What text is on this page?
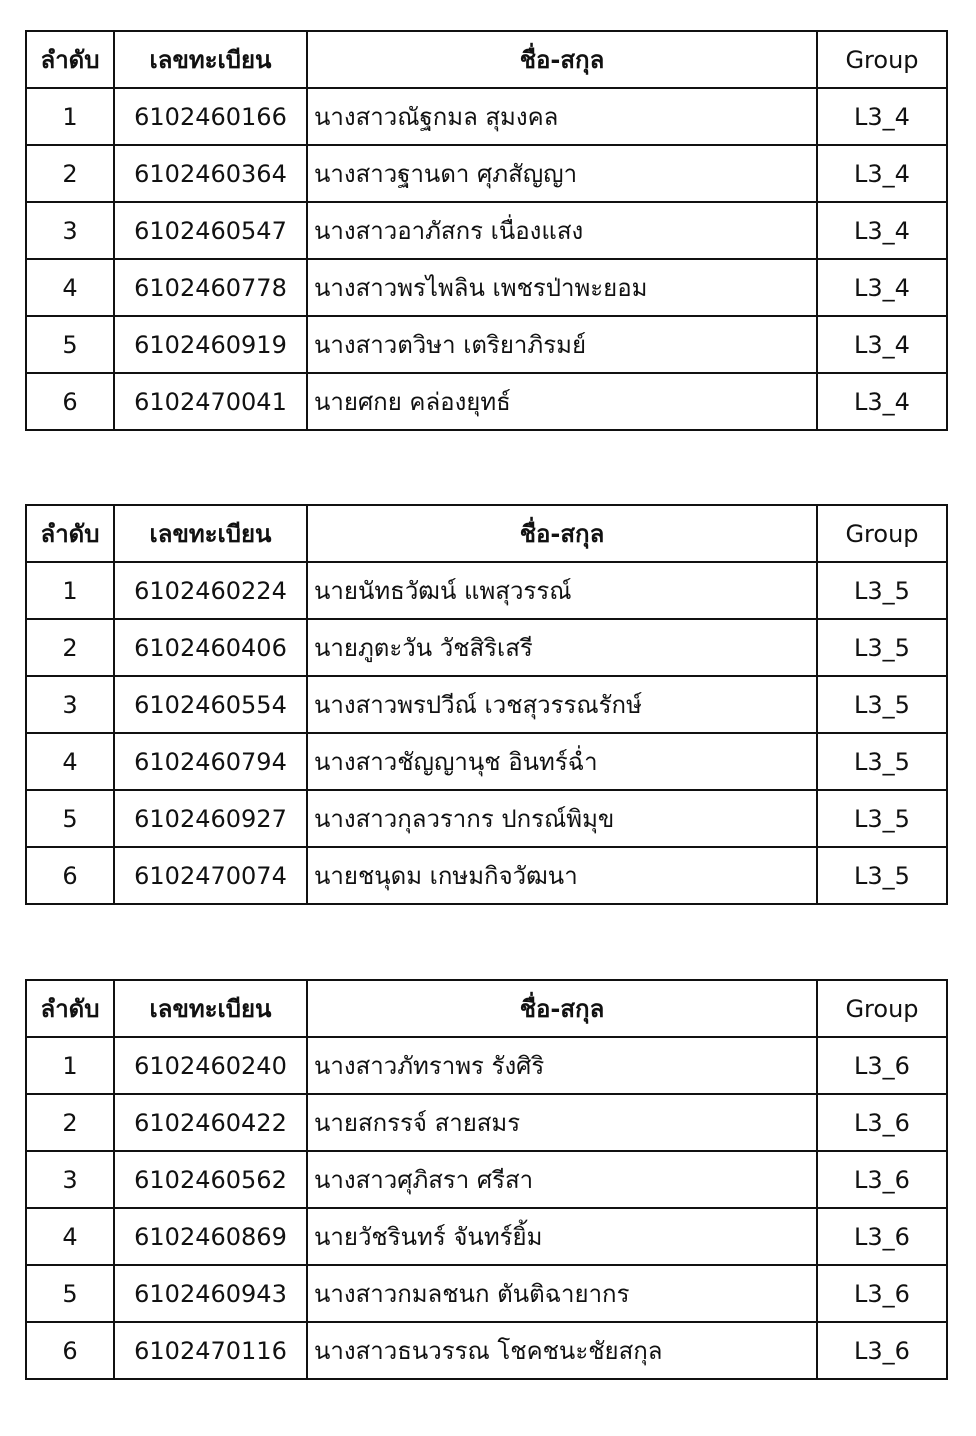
ลำดับ	เลขทะเบียน	ชื่อ-สกุล	Group
1	6102460166	นางสาวณัฐกมล สุมงคล	L3_4
2	6102460364	นางสาวฐานดา ศุภสัญญา	L3_4
3	6102460547	นางสาวอาภัสกร เนื่องแสง	L3_4
4	6102460778	นางสาวพรไพลิน เพชรป่าพะยอม	L3_4
5	6102460919	นางสาวตวิษา เตริยาภิรมย์	L3_4
6	6102470041	นายศกย คล่องยุทธ์	L3_4
ลำดับ	เลขทะเบียน	ชื่อ-สกุล	Group
1	6102460224	นายนัทธวัฒน์ แพสุวรรณ์	L3_5
2	6102460406	นายภูตะวัน วัชสิริเสรี	L3_5
3	6102460554	นางสาวพรปวีณ์ เวชสุวรรณรักษ์	L3_5
4	6102460794	นางสาวชัญญานุช อินทร์ฉ่ำ	L3_5
5	6102460927	นางสาวกุลวรากร ปกรณ์พิมุข	L3_5
6	6102470074	นายชนุดม เกษมกิจวัฒนา	L3_5
ลำดับ	เลขทะเบียน	ชื่อ-สกุล	Group
1	6102460240	นางสาวภัทราพร รังศิริ	L3_6
2	6102460422	นายสกรรจ์ สายสมร	L3_6
3	6102460562	นางสาวศุภิสรา ศรีสา	L3_6
4	6102460869	นายวัชรินทร์ จันทร์ยิ้ม	L3_6
5	6102460943	นางสาวกมลชนก ตันติฉายากร	L3_6
6	6102470116	นางสาวธนวรรณ โชคชนะชัยสกุล	L3_6
